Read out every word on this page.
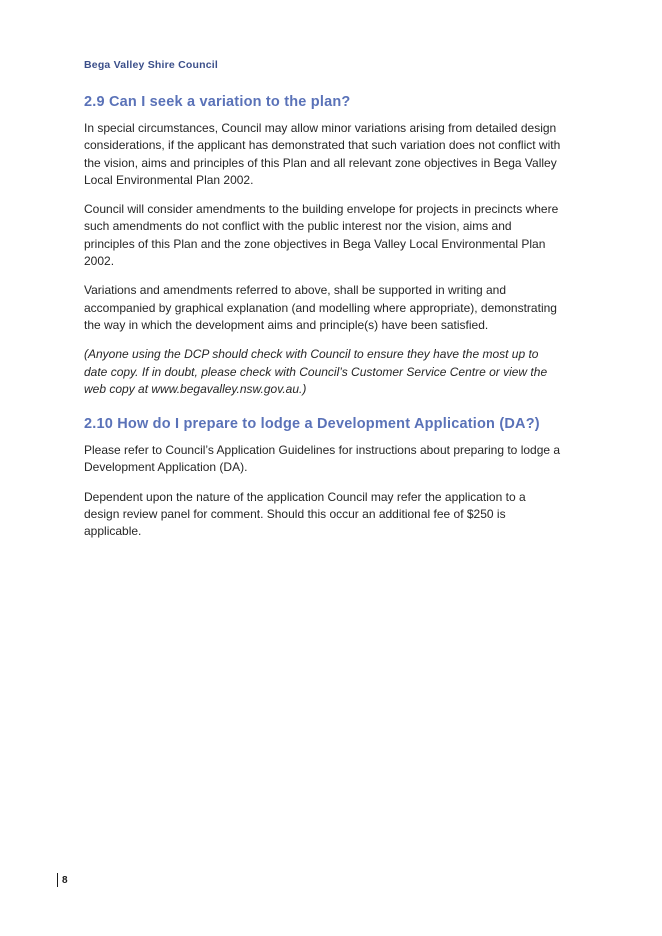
Bega Valley Shire Council
2.9 Can I seek a variation to the plan?

In special circumstances, Council may allow minor variations arising from detailed design considerations, if the applicant has demonstrated that such variation does not conflict with the vision, aims and principles of this Plan and all relevant zone objectives in Bega Valley Local Environmental Plan 2002.

Council will consider amendments to the building envelope for projects in precincts where such amendments do not conflict with the public interest nor the vision, aims and principles of this Plan and the zone objectives in Bega Valley Local Environmental Plan 2002.

Variations and amendments referred to above, shall be supported in writing and accompanied by graphical explanation (and modelling where appropriate), demonstrating the way in which the development aims and principle(s) have been satisfied.

(Anyone using the DCP should check with Council to ensure they have the most up to date copy. If in doubt, please check with Council’s Customer Service Centre or view the web copy at www.begavalley.nsw.gov.au.)

2.10 How do I prepare to lodge a Development Application (DA?)

Please refer to Council’s Application Guidelines for instructions about preparing to lodge a Development Application (DA).

Dependent upon the nature of the application Council may refer the application to a design review panel for comment. Should this occur an additional fee of $250 is applicable.

8
